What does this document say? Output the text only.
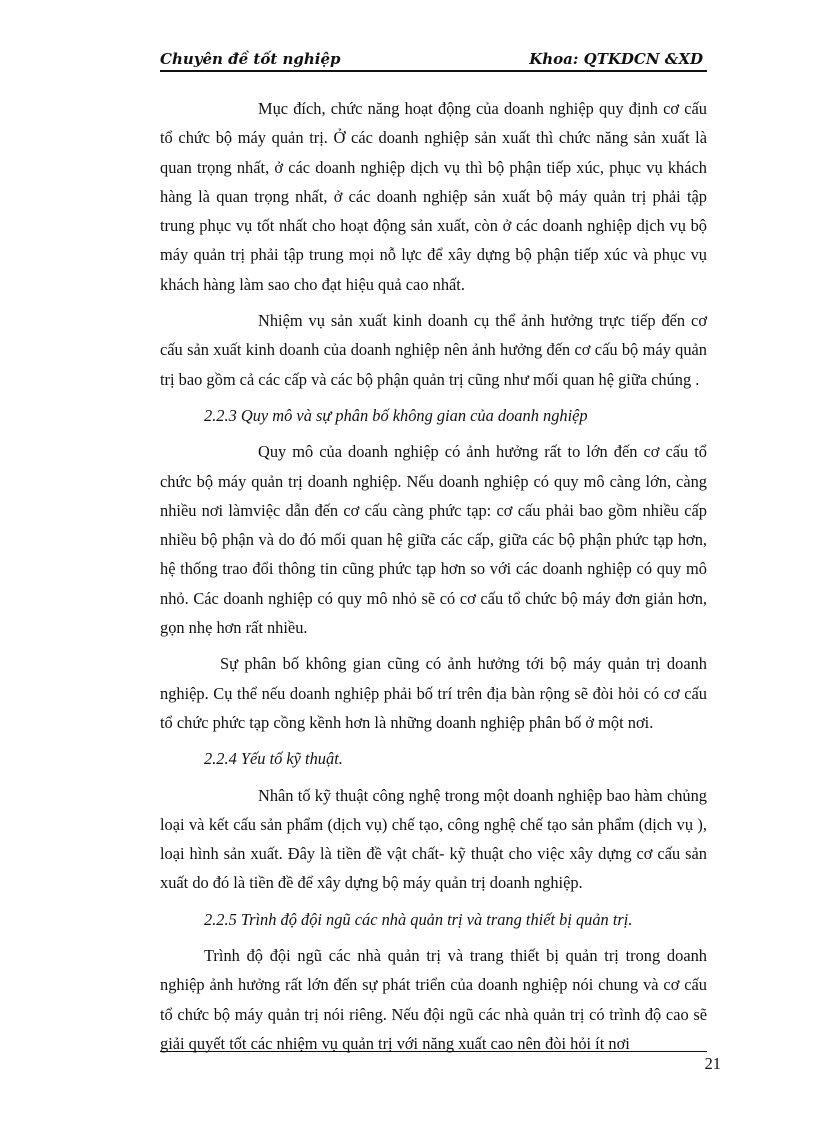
Chuyên đề tốt nghiệp	Khoa: QTKDCN &XD

Mục đích, chức năng hoạt động của doanh nghiệp quy định cơ cấu tổ chức bộ máy quản trị. Ở các doanh nghiệp sản xuất thì chức năng sản xuất là quan trọng nhất, ở các doanh nghiệp dịch vụ thì bộ phận tiếp xúc, phục vụ khách hàng là quan trọng nhất, ở các doanh nghiệp sản xuất bộ máy quản trị phải tập trung phục vụ tốt nhất cho hoạt động sản xuất, còn ở các doanh nghiệp dịch vụ bộ máy quản trị phải tập trung mọi nỗ lực để xây dựng bộ phận tiếp xúc và phục vụ khách hàng làm sao cho đạt hiệu quả cao nhất.

Nhiệm vụ sản xuất kinh doanh cụ thể ảnh hưởng trực tiếp đến cơ cấu sản xuất kinh doanh của doanh nghiệp nên ảnh hưởng đến cơ cấu bộ máy quản trị bao gồm cả các cấp và các bộ phận quản trị cũng như mối quan hệ giữa chúng .

2.2.3 Quy mô và sự phân bố không gian của doanh nghiệp

Quy mô của doanh nghiệp có ảnh hưởng rất to lớn đến cơ cấu tổ chức bộ máy quản trị doanh nghiệp. Nếu doanh nghiệp có quy mô càng lớn, càng nhiều nơi làmviệc dẫn đến cơ cấu càng phức tạp: cơ cấu phải bao gồm nhiều cấp nhiều bộ phận và do đó mối quan hệ giữa các cấp, giữa các bộ phận phức tạp hơn, hệ thống trao đổi thông tin cũng phức tạp hơn so với các doanh nghiệp có quy mô nhỏ. Các doanh nghiệp có quy mô nhỏ sẽ có cơ cấu tổ chức bộ máy đơn giản hơn, gọn nhẹ hơn rất nhiều.

Sự phân bố không gian cũng có ảnh hưởng tới bộ máy quản trị doanh nghiệp. Cụ thể nếu doanh nghiệp phải bố trí trên địa bàn rộng sẽ đòi hỏi có cơ cấu tổ chức phức tạp cồng kềnh hơn là những doanh nghiệp phân bố ở một nơi.

2.2.4 Yếu tố kỹ thuật.

Nhân tố kỹ thuật công nghệ trong một doanh nghiệp bao hàm chủng loại và kết cấu sản phẩm (dịch vụ) chế tạo, công nghệ chế tạo sản phẩm (dịch vụ ), loại hình sản xuất. Đây là tiền đề vật chất- kỹ thuật cho việc xây dựng cơ cấu sản xuất do đó là tiền đề để xây dựng bộ máy quản trị doanh nghiệp.

2.2.5 Trình độ đội ngũ các nhà quản trị và trang thiết bị quản trị.

Trình độ đội ngũ các nhà quản trị và trang thiết bị quản trị trong doanh nghiệp ảnh hưởng rất lớn đến sự phát triển của doanh nghiệp nói chung và cơ cấu tổ chức bộ máy quản trị nói riêng. Nếu đội ngũ các nhà quản trị có trình độ cao sẽ giải quyết tốt các nhiệm vụ quản trị với năng xuất cao nên đòi hỏi ít nơi

21
